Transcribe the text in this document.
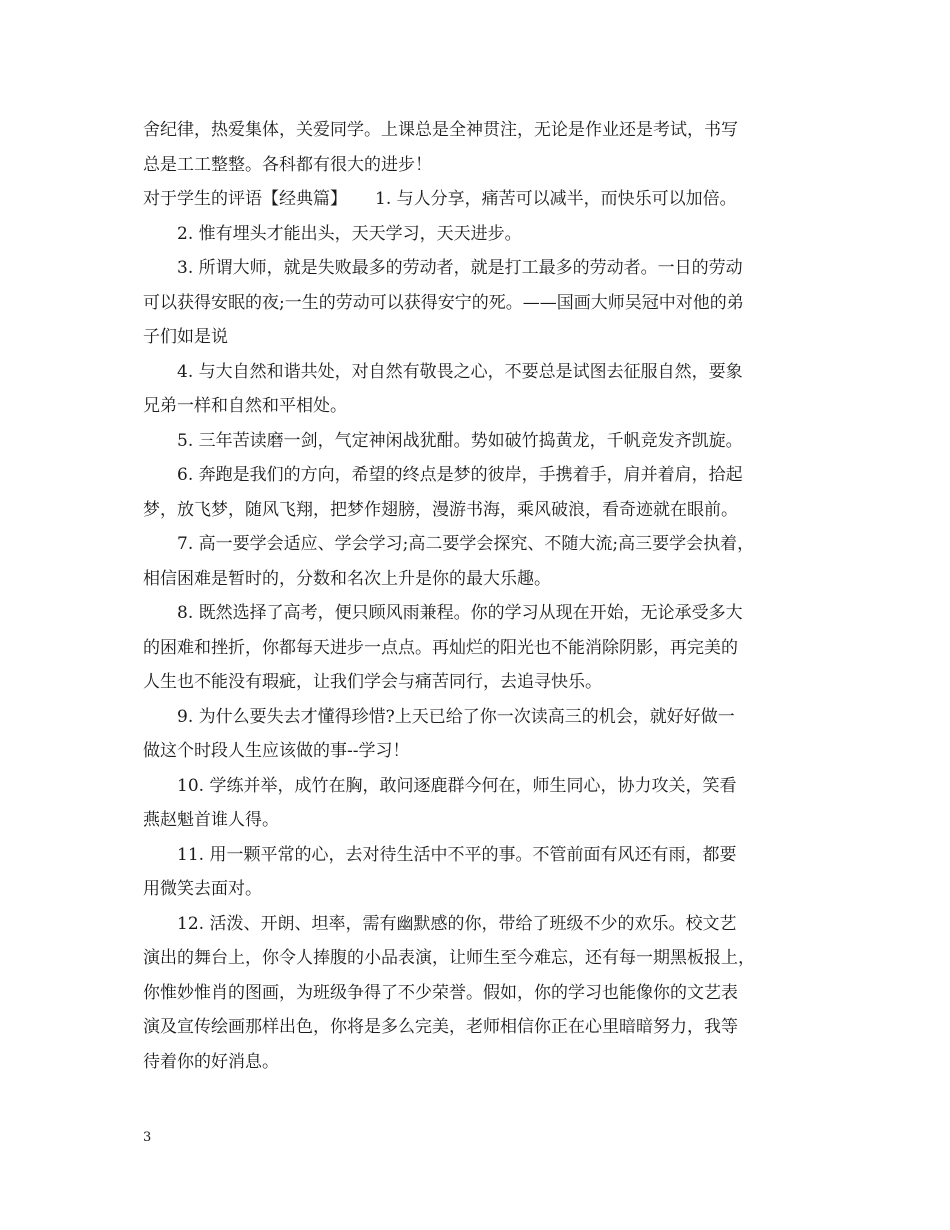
舍纪律，热爱集体，关爱同学。上课总是全神贯注，无论是作业还是考试，书写
总是工工整整。各科都有很大的进步！
对于学生的评语【经典篇】 1. 与人分享，痛苦可以减半，而快乐可以加倍。
2. 惟有埋头才能出头，天天学习，天天进步。
3. 所谓大师，就是失败最多的劳动者，就是打工最多的劳动者。一日的劳动
可以获得安眠的夜;一生的劳动可以获得安宁的死。——国画大师吴冠中对他的弟
子们如是说
4. 与大自然和谐共处，对自然有敬畏之心，不要总是试图去征服自然，要象
兄弟一样和自然和平相处。
5. 三年苦读磨一剑，气定神闲战犹酣。势如破竹捣黄龙，千帆竞发齐凯旋。
6. 奔跑是我们的方向，希望的终点是梦的彼岸，手携着手，肩并着肩，拾起
梦，放飞梦，随风飞翔，把梦作翅膀，漫游书海，乘风破浪，看奇迹就在眼前。
7. 高一要学会适应、学会学习;高二要学会探究、不随大流;高三要学会执着，
相信困难是暂时的，分数和名次上升是你的最大乐趣。
8. 既然选择了高考，便只顾风雨兼程。你的学习从现在开始，无论承受多大
的困难和挫折，你都每天进步一点点。再灿烂的阳光也不能消除阴影，再完美的
人生也不能没有瑕疵，让我们学会与痛苦同行，去追寻快乐。
9. 为什么要失去才懂得珍惜?上天已给了你一次读高三的机会，就好好做一
做这个时段人生应该做的事--学习！
10. 学练并举，成竹在胸，敢问逐鹿群今何在，师生同心，协力攻关，笑看
燕赵魁首谁人得。
11. 用一颗平常的心，去对待生活中不平的事。不管前面有风还有雨，都要
用微笑去面对。
12. 活泼、开朗、坦率，需有幽默感的你，带给了班级不少的欢乐。校文艺
演出的舞台上，你令人捧腹的小品表演，让师生至今难忘，还有每一期黑板报上，
你惟妙惟肖的图画，为班级争得了不少荣誉。假如，你的学习也能像你的文艺表
演及宣传绘画那样出色，你将是多么完美，老师相信你正在心里暗暗努力，我等
待着你的好消息。
3
